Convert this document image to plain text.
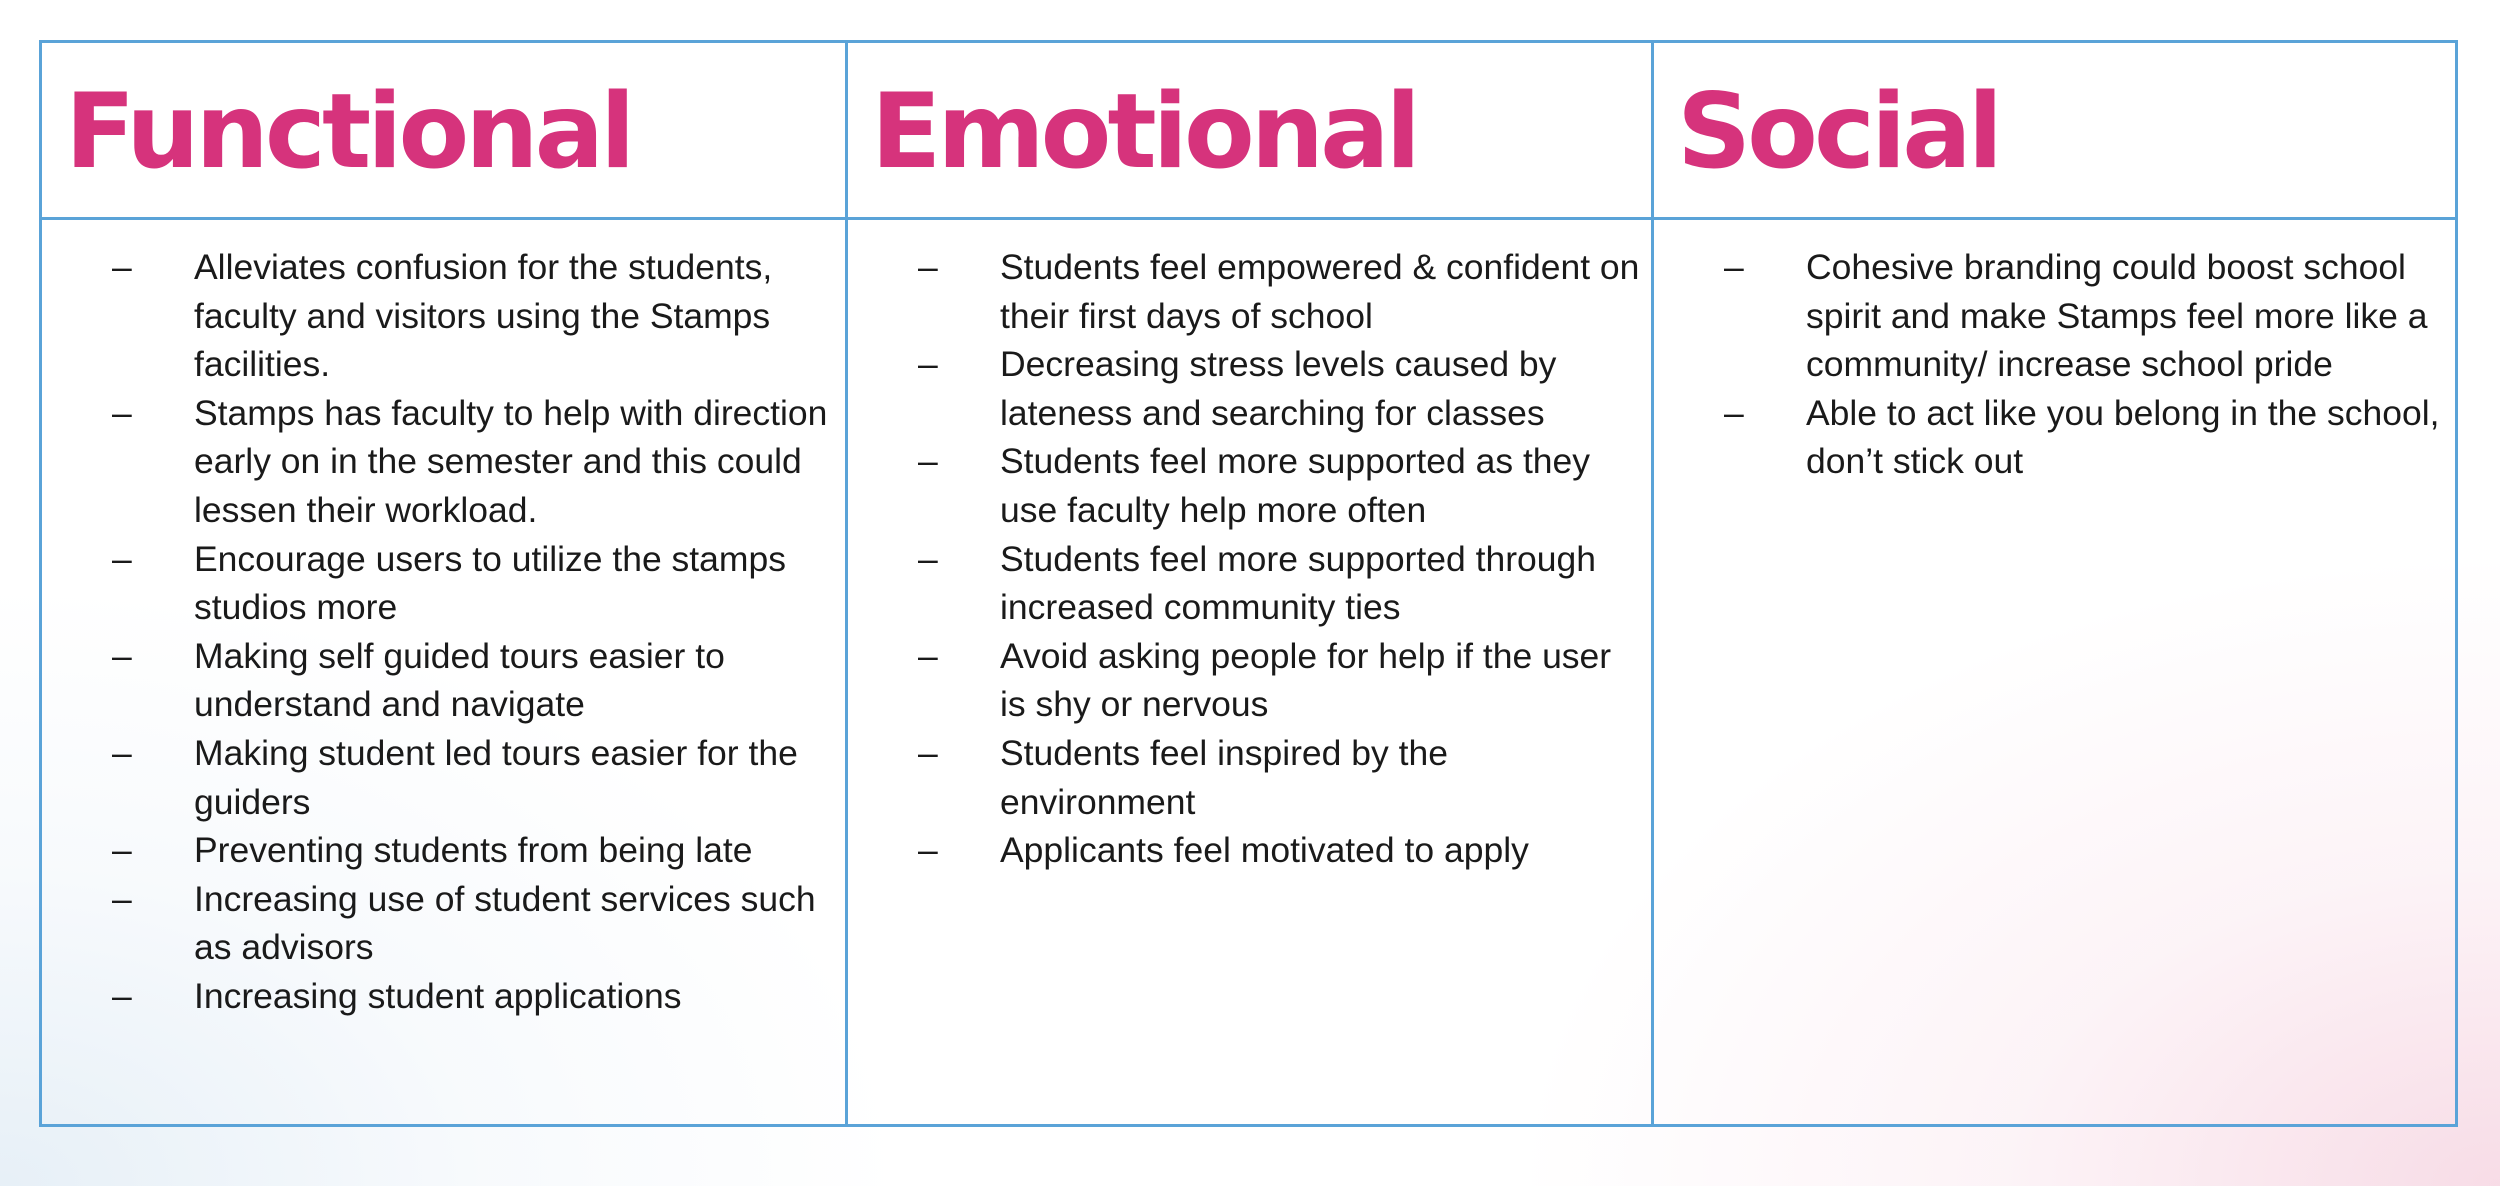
Functional Emotional	Social
–
Alleviates confusion for the students, faculty and visitors using the Stamps facilities.
–
Stamps has faculty to help with direction early on in the semester and this could lessen their workload.
–
Encourage users to utilize the stamps studios more
–
Making self guided tours easier to understand and navigate
–
Making student led tours easier for the guiders
–
Preventing students from being late
–
Increasing use of student services such as advisors
–
Increasing student applications
–
Students feel empowered & confident on their first days of school
–
Decreasing stress levels caused by lateness and searching for classes
–
Students feel more supported as they use faculty help more often
–
Students feel more supported through increased community ties
–
Avoid asking people for help if the user is shy or nervous
–
Students feel inspired by the environment
–
Applicants feel motivated to apply
–
Cohesive branding could boost school spirit and make Stamps feel more like a community/ increase school pride
–
Able to act like you belong in the school, don’t stick out
